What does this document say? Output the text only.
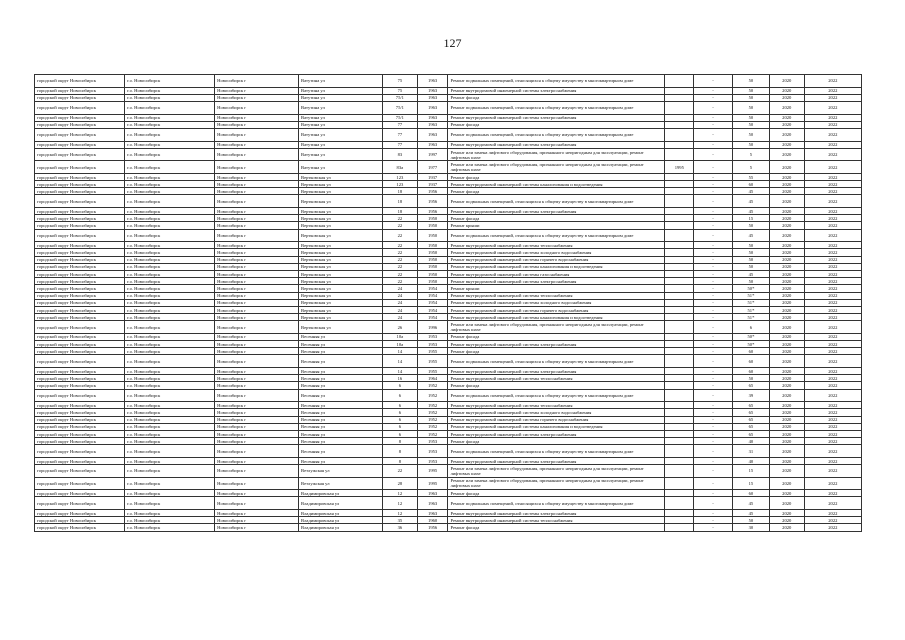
127
городской округ Новосибирск	г.о. Новосибирск	Новосибирск г	Ватутина ул	75	1963	Ремонт подвальных помещений, относящихся к общему имуществу в многоквартирном доме		-	50	2020	2022
городской округ Новосибирск	г.о. Новосибирск	Новосибирск г	Ватутина ул	75	1963	Ремонт внутридомовой инженерной системы электроснабжения		-	50	2020	2022
городской округ Новосибирск	г.о. Новосибирск	Новосибирск г	Ватутина ул	75/1	1963	Ремонт фасада		-	50	2020	2022
городской округ Новосибирск	г.о. Новосибирск	Новосибирск г	Ватутина ул	75/1	1963	Ремонт подвальных помещений, относящихся к общему имуществу в многоквартирном доме		-	50	2020	2022
городской округ Новосибирск	г.о. Новосибирск	Новосибирск г	Ватутина ул	75/1	1963	Ремонт внутридомовой инженерной системы электроснабжения		-	50	2020	2022
городской округ Новосибирск	г.о. Новосибирск	Новосибирск г	Ватутина ул	77	1963	Ремонт фасада		-	50	2020	2022
городской округ Новосибирск	г.о. Новосибирск	Новосибирск г	Ватутина ул	77	1963	Ремонт подвальных помещений, относящихся к общему имуществу в многоквартирном доме		-	50	2020	2022
городской округ Новосибирск	г.о. Новосибирск	Новосибирск г	Ватутина ул	77	1963	Ремонт внутридомовой инженерной системы электроснабжения		-	50	2020	2022
городской округ Новосибирск	г.о. Новосибирск	Новосибирск г	Ватутина ул	83	1997	Ремонт или замена лифтового оборудования, признанного непригодным для эксплуатации, ремонт лифтовых шахт		-	5	2020	2022
городской округ Новосибирск	г.о. Новосибирск	Новосибирск г	Ватутина ул	83а	1977	Ремонт или замена лифтового оборудования, признанного непригодным для эксплуатации, ремонт лифтовых шахт	1995	-	5	2020	2022
городской округ Новосибирск	г.о. Новосибирск	Новосибирск г	Вертковская ул	123	1937	Ремонт фасада		-	55	2020	2022
городской округ Новосибирск	г.о. Новосибирск	Новосибирск г	Вертковская ул	123	1937	Ремонт внутридомовой инженерной системы канализования и водоотведения		-	60	2020	2022
городской округ Новосибирск	г.о. Новосибирск	Новосибирск г	Вертковская ул	18	1956	Ремонт фасада		-	45	2020	2022
городской округ Новосибирск	г.о. Новосибирск	Новосибирск г	Вертковская ул	18	1956	Ремонт подвальных помещений, относящихся к общему имуществу в многоквартирном доме		-	45	2020	2022
городской округ Новосибирск	г.о. Новосибирск	Новосибирск г	Вертковская ул	18	1956	Ремонт внутридомовой инженерной системы электроснабжения		-	45	2020	2022
городской округ Новосибирск	г.о. Новосибирск	Новосибирск г	Вертковская ул	22	1950	Ремонт фасада		-	15	2020	2022
городской округ Новосибирск	г.о. Новосибирск	Новосибирск г	Вертковская ул	22	1950	Ремонт крыши		-	50	2020	2022
городской округ Новосибирск	г.о. Новосибирск	Новосибирск г	Вертковская ул	22	1950	Ремонт подвальных помещений, относящихся к общему имуществу в многоквартирном доме		-	45	2020	2022
городской округ Новосибирск	г.о. Новосибирск	Новосибирск г	Вертковская ул	22	1950	Ремонт внутридомовой инженерной системы теплоснабжения		-	50	2020	2022
городской округ Новосибирск	г.о. Новосибирск	Новосибирск г	Вертковская ул	22	1950	Ремонт внутридомовой инженерной системы холодного водоснабжения		-	50	2020	2022
городской округ Новосибирск	г.о. Новосибирск	Новосибирск г	Вертковская ул	22	1950	Ремонт внутридомовой инженерной системы горячего водоснабжения		-	50	2020	2022
городской округ Новосибирск	г.о. Новосибирск	Новосибирск г	Вертковская ул	22	1950	Ремонт внутридомовой инженерной системы канализования и водоотведения		-	50	2020	2022
городской округ Новосибирск	г.о. Новосибирск	Новосибирск г	Вертковская ул	22	1950	Ремонт внутридомовой инженерной системы газоснабжения		-	45	2020	2022
городской округ Новосибирск	г.о. Новосибирск	Новосибирск г	Вертковская ул	22	1950	Ремонт внутридомовой инженерной системы электроснабжения		-	50	2020	2022
городской округ Новосибирск	г.о. Новосибирск	Новосибирск г	Вертковская ул	24	1954	Ремонт крыши		-	50*	2020	2022
городской округ Новосибирск	г.о. Новосибирск	Новосибирск г	Вертковская ул	24	1954	Ремонт внутридомовой инженерной системы теплоснабжения		-	51*	2020	2022
городской округ Новосибирск	г.о. Новосибирск	Новосибирск г	Вертковская ул	24	1954	Ремонт внутридомовой инженерной системы холодного водоснабжения		-	51*	2020	2022
городской округ Новосибирск	г.о. Новосибирск	Новосибирск г	Вертковская ул	24	1954	Ремонт внутридомовой инженерной системы горячего водоснабжения		-	51*	2020	2022
городской округ Новосибирск	г.о. Новосибирск	Новосибирск г	Вертковская ул	24	1954	Ремонт внутридомовой инженерной системы канализования и водоотведения		-	51*	2020	2022
городской округ Новосибирск	г.о. Новосибирск	Новосибирск г	Вертковская ул	26	1996	Ремонт или замена лифтового оборудования, признанного непригодным для эксплуатации, ремонт лифтовых шахт		-	6	2020	2022
городской округ Новосибирск	г.о. Новосибирск	Новосибирск г	Весенняя ул	10а	1953	Ремонт фасада		-	50*	2020	2022
городской округ Новосибирск	г.о. Новосибирск	Новосибирск г	Весенняя ул	10а	1953	Ремонт внутридомовой инженерной системы электроснабжения		-	50*	2020	2022
городской округ Новосибирск	г.о. Новосибирск	Новосибирск г	Весенняя ул	14	1955	Ремонт фасада		-	60	2020	2022
городской округ Новосибирск	г.о. Новосибирск	Новосибирск г	Весенняя ул	14	1955	Ремонт подвальных помещений, относящихся к общему имуществу в многоквартирном доме		-	60	2020	2022
городской округ Новосибирск	г.о. Новосибирск	Новосибирск г	Весенняя ул	14	1955	Ремонт внутридомовой инженерной системы электроснабжения		-	60	2020	2022
городской округ Новосибирск	г.о. Новосибирск	Новосибирск г	Весенняя ул	16	1964	Ремонт внутридомовой инженерной системы теплоснабжения		-	50	2020	2022
городской округ Новосибирск	г.о. Новосибирск	Новосибирск г	Весенняя ул	6	1952	Ремонт фасада		-	65	2020	2022
городской округ Новосибирск	г.о. Новосибирск	Новосибирск г	Весенняя ул	6	1952	Ремонт подвальных помещений, относящихся к общему имуществу в многоквартирном доме		-	39	2020	2022
городской округ Новосибирск	г.о. Новосибирск	Новосибирск г	Весенняя ул	6	1952	Ремонт внутридомовой инженерной системы теплоснабжения		-	65	2020	2022
городской округ Новосибирск	г.о. Новосибирск	Новосибирск г	Весенняя ул	6	1952	Ремонт внутридомовой инженерной системы холодного водоснабжения		-	65	2020	2022
городской округ Новосибирск	г.о. Новосибирск	Новосибирск г	Весенняя ул	6	1952	Ремонт внутридомовой инженерной системы горячего водоснабжения		-	65	2020	2022
городской округ Новосибирск	г.о. Новосибирск	Новосибирск г	Весенняя ул	6	1952	Ремонт внутридомовой инженерной системы канализования и водоотведения		-	65	2020	2022
городской округ Новосибирск	г.о. Новосибирск	Новосибирск г	Весенняя ул	6	1952	Ремонт внутридомовой инженерной системы электроснабжения		-	65	2020	2022
городской округ Новосибирск	г.о. Новосибирск	Новосибирск г	Весенняя ул	8	1953	Ремонт фасада		-	40	2020	2022
городской округ Новосибирск	г.о. Новосибирск	Новосибирск г	Весенняя ул	8	1953	Ремонт подвальных помещений, относящихся к общему имуществу в многоквартирном доме		-	31	2020	2022
городской округ Новосибирск	г.о. Новосибирск	Новосибирск г	Весенняя ул	8	1953	Ремонт внутридомовой инженерной системы электроснабжения		-	40	2020	2022
городской округ Новосибирск	г.о. Новосибирск	Новосибирск г	Ветлужская ул	22	1995	Ремонт или замена лифтового оборудования, признанного непригодным для эксплуатации, ремонт лифтовых шахт		-	15	2020	2022
городской округ Новосибирск	г.о. Новосибирск	Новосибирск г	Ветлужская ул	28	1995	Ремонт или замена лифтового оборудования, признанного непригодным для эксплуатации, ремонт лифтовых шахт		-	15	2020	2022
городской округ Новосибирск	г.о. Новосибирск	Новосибирск г	Владимировская ул	12	1963	Ремонт фасада		-	60	2020	2022
городской округ Новосибирск	г.о. Новосибирск	Новосибирск г	Владимировская ул	12	1963	Ремонт подвальных помещений, относящихся к общему имуществу в многоквартирном доме		-	45	2020	2022
городской округ Новосибирск	г.о. Новосибирск	Новосибирск г	Владимировская ул	12	1963	Ремонт внутридомовой инженерной системы электроснабжения		-	45	2020	2022
городской округ Новосибирск	г.о. Новосибирск	Новосибирск г	Владимировская ул	35	1960	Ремонт внутридомовой инженерной системы теплоснабжения		-	50	2020	2022
городской округ Новосибирск	г.о. Новосибирск	Новосибирск г	Владимировская ул	36	1956	Ремонт фасада		-	30	2020	2022
